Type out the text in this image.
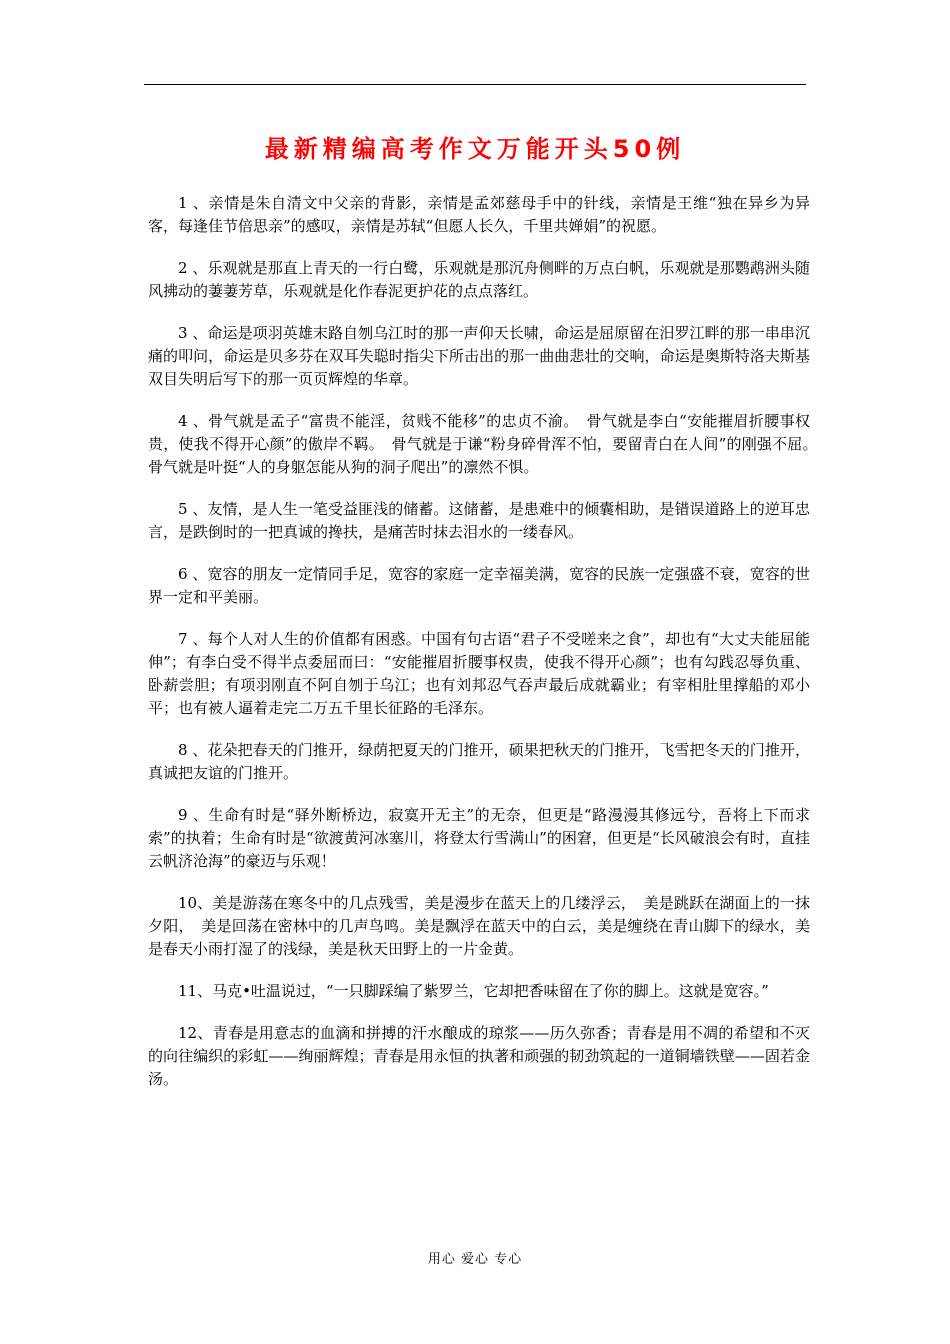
最新精编高考作文万能开头50例

1 、亲情是朱自清文中父亲的背影，亲情是孟郊慈母手中的针线，亲情是王维“独在异乡为异客，每逢佳节倍思亲”的感叹，亲情是苏轼“但愿人长久，千里共婵娟”的祝愿。

2 、乐观就是那直上青天的一行白鹭，乐观就是那沉舟侧畔的万点白帆，乐观就是那鹦鹉洲头随风拂动的萋萋芳草，乐观就是化作春泥更护花的点点落红。

3 、命运是项羽英雄末路自刎乌江时的那一声仰天长啸，命运是屈原留在汨罗江畔的那一串串沉痛的叩问，命运是贝多芬在双耳失聪时指尖下所击出的那一曲曲悲壮的交响，命运是奥斯特洛夫斯基双目失明后写下的那一页页辉煌的华章。

4 、骨气就是孟子“富贵不能淫，贫贱不能移”的忠贞不渝。　骨气就是李白“安能摧眉折腰事权贵，使我不得开心颜”的傲岸不羁。　骨气就是于谦“粉身碎骨浑不怕，要留青白在人间”的刚强不屈。　骨气就是叶挺“人的身躯怎能从狗的洞子爬出”的凛然不惧。

5 、友情，是人生一笔受益匪浅的储蓄。这储蓄，是患难中的倾囊相助，是错误道路上的逆耳忠言，是跌倒时的一把真诚的搀扶，是痛苦时抹去泪水的一缕春风。

6 、宽容的朋友一定情同手足，宽容的家庭一定幸福美满，宽容的民族一定强盛不衰，宽容的世界一定和平美丽。

7 、每个人对人生的价值都有困惑。中国有句古语“君子不受嗟来之食”，却也有“大丈夫能屈能伸”；有李白受不得半点委屈而曰：“安能摧眉折腰事权贵，使我不得开心颜”；也有勾践忍辱负重、卧薪尝胆；有项羽刚直不阿自刎于乌江；也有刘邦忍气吞声最后成就霸业；有宰相肚里撑船的邓小平；也有被人逼着走完二万五千里长征路的毛泽东。

8 、花朵把春天的门推开，绿荫把夏天的门推开，硕果把秋天的门推开，飞雪把冬天的门推开，真诚把友谊的门推开。

9 、生命有时是“驿外断桥边，寂寞开无主”的无奈，但更是“路漫漫其修远兮，吾将上下而求索”的执着；生命有时是“欲渡黄河冰塞川，将登太行雪满山”的困窘，但更是“长风破浪会有时，直挂云帆济沧海”的豪迈与乐观！

10、美是游荡在寒冬中的几点残雪，美是漫步在蓝天上的几缕浮云，　美是跳跃在湖面上的一抹夕阳，　美是回荡在密林中的几声鸟鸣。美是飘浮在蓝天中的白云，美是缠绕在青山脚下的绿水，美是春天小雨打湿了的浅绿，美是秋天田野上的一片金黄。

11、马克•吐温说过，“一只脚踩编了紫罗兰，它却把香味留在了你的脚上。这就是宽容。”

12、青春是用意志的血滴和拼搏的汗水酿成的琼浆——历久弥香；青春是用不凋的希望和不灭的向往编织的彩虹——绚丽辉煌；青春是用永恒的执著和顽强的韧劲筑起的一道铜墙铁壁——固若金汤。

用心 爱心 专心
